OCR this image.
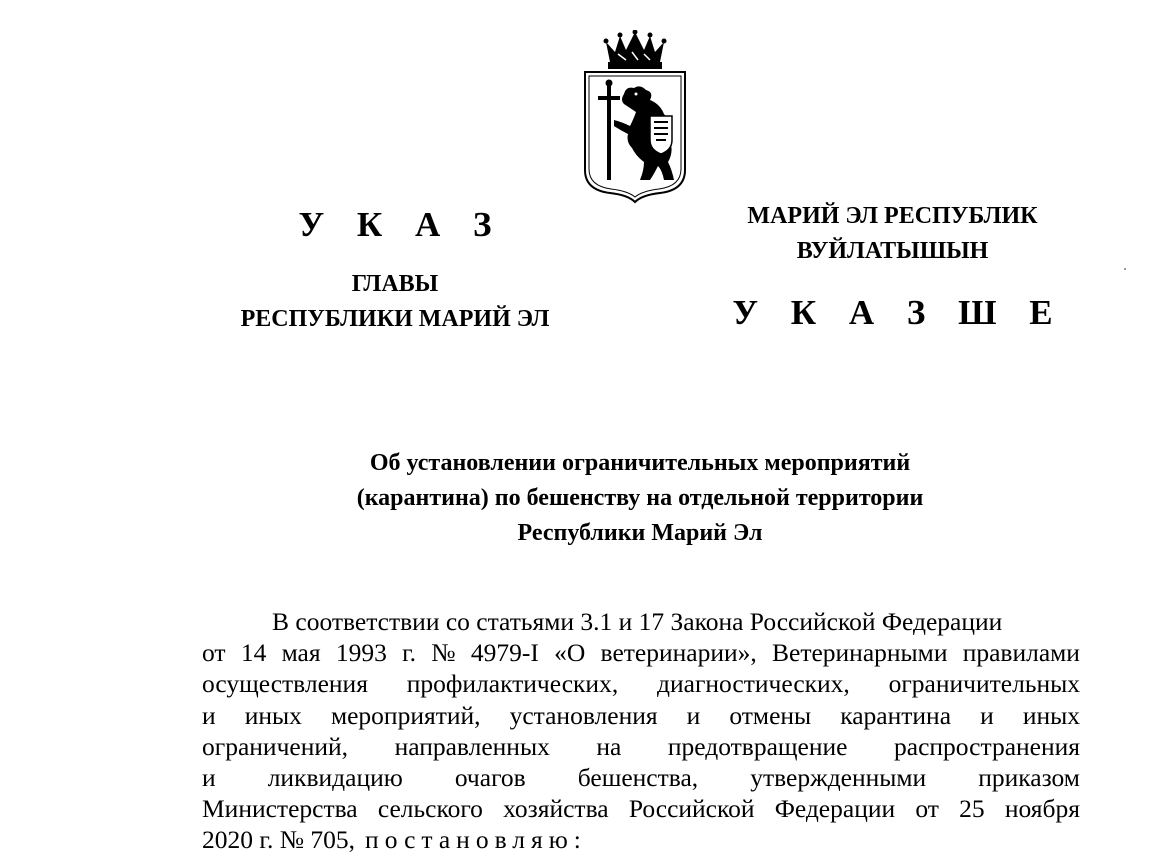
У К А З

ГЛАВЫ

РЕСПУБЛИКИ МАРИЙ ЭЛ

МАРИЙ ЭЛ РЕСПУБЛИК

ВУЙЛАТЫШЫН

У К А З Ш Е

Об установлении ограничительных мероприятий

(карантина) по бешенству на отдельной территории

Республики Марий Эл

В соответствии со статьями 3.1 и 17 Закона Российской Федерации

от 14 мая 1993 г. № 4979-I «О ветеринарии», Ветеринарными правилами

осуществления профилактических, диагностических, ограничительных

и иных мероприятий, установления и отмены карантина и иных

ограничений, направленных на предотвращение распространения

и ликвидацию очагов бешенства, утвержденными приказом

Министерства сельского хозяйства Российской Федерации от 25 ноября

2020 г. № 705, постановляю:
